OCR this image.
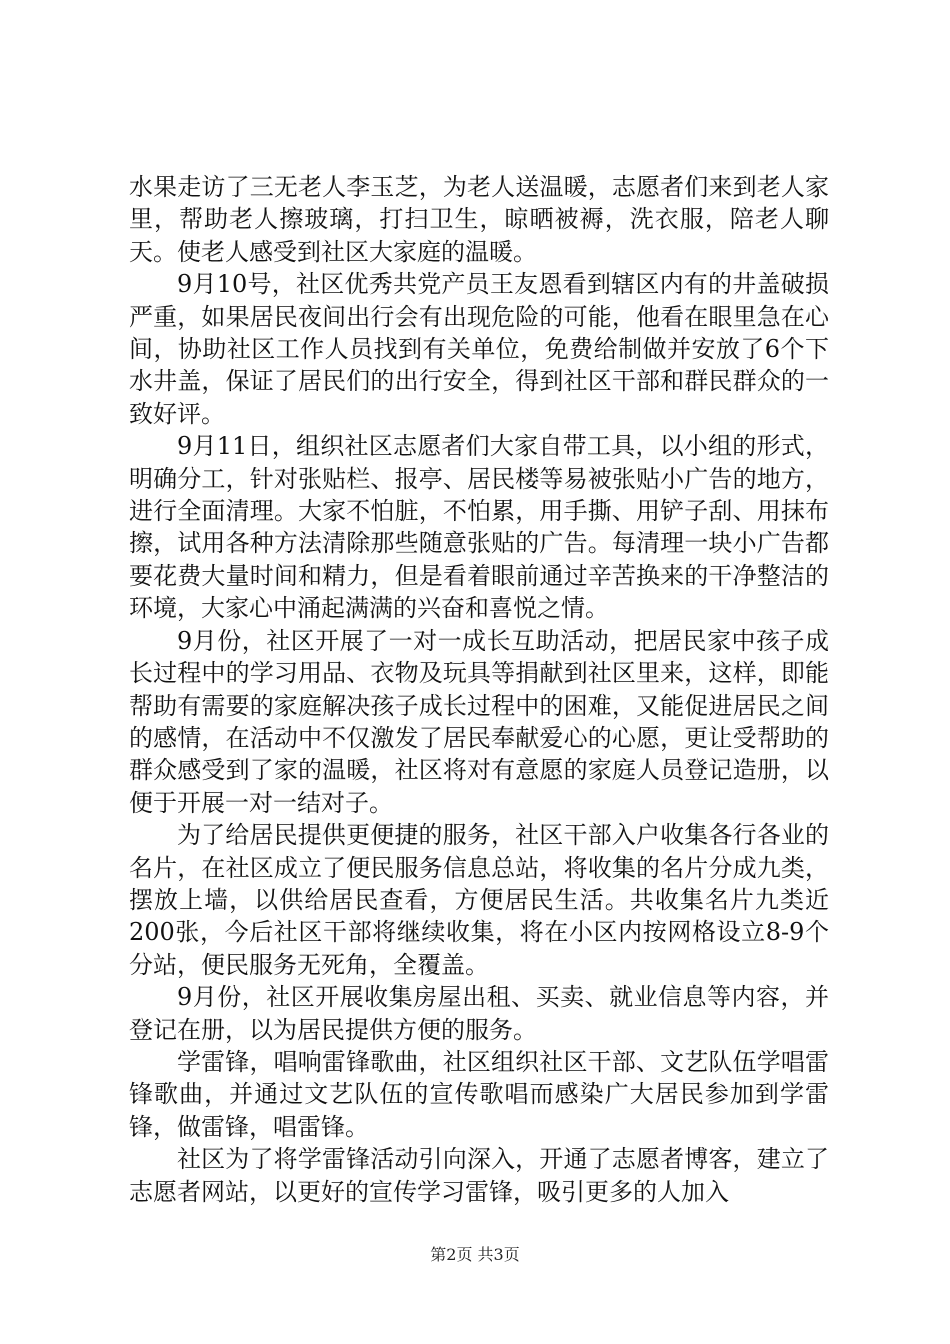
水果走访了三无老人李玉芝，为老人送温暖，志愿者们来到老人家里，帮助老人擦玻璃，打扫卫生，晾晒被褥，洗衣服，陪老人聊天。使老人感受到社区大家庭的温暖。

9月10号，社区优秀共党产员王友恩看到辖区内有的井盖破损严重，如果居民夜间出行会有出现危险的可能，他看在眼里急在心间，协助社区工作人员找到有关单位，免费给制做并安放了6个下水井盖，保证了居民们的出行安全，得到社区干部和群民群众的一致好评。

9月11日，组织社区志愿者们大家自带工具，以小组的形式，明确分工，针对张贴栏、报亭、居民楼等易被张贴小广告的地方，进行全面清理。大家不怕脏，不怕累，用手撕、用铲子刮、用抹布擦，试用各种方法清除那些随意张贴的广告。每清理一块小广告都要花费大量时间和精力，但是看着眼前通过辛苦换来的干净整洁的环境，大家心中涌起满满的兴奋和喜悦之情。

9月份，社区开展了一对一成长互助活动，把居民家中孩子成长过程中的学习用品、衣物及玩具等捐献到社区里来，这样，即能帮助有需要的家庭解决孩子成长过程中的困难，又能促进居民之间的感情，在活动中不仅激发了居民奉献爱心的心愿，更让受帮助的群众感受到了家的温暖，社区将对有意愿的家庭人员登记造册，以便于开展一对一结对子。

为了给居民提供更便捷的服务，社区干部入户收集各行各业的名片，在社区成立了便民服务信息总站，将收集的名片分成九类，摆放上墙，以供给居民查看，方便居民生活。共收集名片九类近200张，今后社区干部将继续收集，将在小区内按网格设立8-9个分站，便民服务无死角，全覆盖。

9月份，社区开展收集房屋出租、买卖、就业信息等内容，并登记在册，以为居民提供方便的服务。

学雷锋，唱响雷锋歌曲，社区组织社区干部、文艺队伍学唱雷锋歌曲，并通过文艺队伍的宣传歌唱而感染广大居民参加到学雷锋，做雷锋，唱雷锋。

社区为了将学雷锋活动引向深入，开通了志愿者博客，建立了志愿者网站，以更好的宣传学习雷锋，吸引更多的人加入

第2页 共3页
